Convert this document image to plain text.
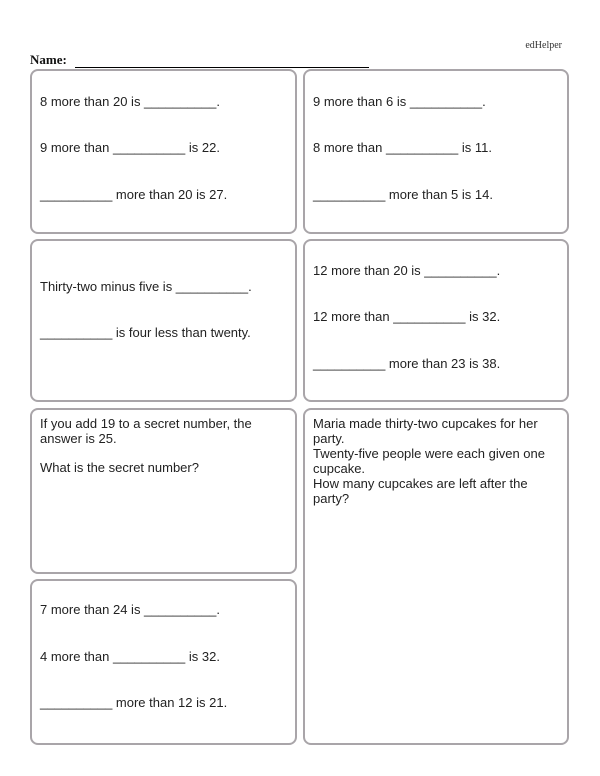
edHelper
Name:
8 more than 20 is __________.
9 more than __________ is 22.
__________ more than 20 is 27.
9 more than 6 is __________.
8 more than __________ is 11.
__________ more than 5 is 14.
Thirty-two minus five is __________.
__________ is four less than twenty.
12 more than 20 is __________.
12 more than __________ is 32.
__________ more than 23 is 38.

If you add 19 to a secret number, the answer is 25.

What is the secret number?

Maria made thirty-two cupcakes for her party.

Twenty-five people were each given one cupcake.

How many cupcakes are left after the party?

7 more than 24 is __________.
4 more than __________ is 32.
__________ more than 12 is 21.
